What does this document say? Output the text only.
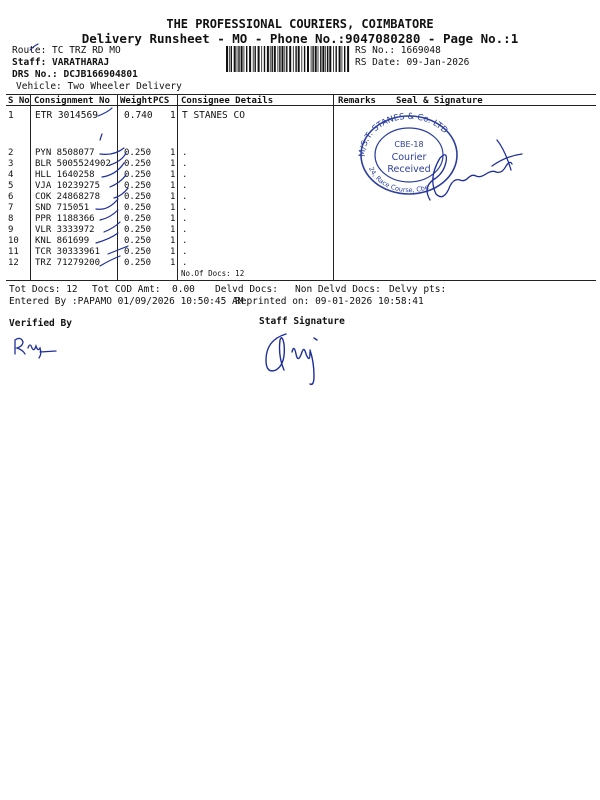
THE PROFESSIONAL COURIERS, COIMBATORE
Delivery Runsheet - MO - Phone No.:9047080280 - Page No.:1
Route: TC TRZ RD MO
Staff: VARATHARAJ
DRS No.: DCJB166904801
Vehicle: Two Wheeler Delivery
RS No.: 1669048
RS Date: 09-Jan-2026
S No Consignment No Weight PCS Consignee Details	Remarks Seal & Signature
1 ETR 3014569	0.740 1 T STANES CO
2 PYN 8508077	0.250 1 .
3 BLR 5005524902 0.250 1 .
4 HLL 1640258	0.250 1 .
5 VJA 10239275	0.250 1 .
6 COK 24868278	0.250 1 .
7 SND 715051	0.250 1 .
8 PPR 1188366	0.250 1 .
9 VLR 3333972	0.250 1 .
10 KNL 861699	0.250 1 .
11 TCR 30333961	0.250 1 .
12 TRZ 71279200	0.250 1 .
No.Of Docs: 12
Tot Docs: 12 Tot COD Amt: 0.00 Delvd Docs: Non Delvd Docs: Delvy pts:
Entered By :PAPAMO 01/09/2026 10:50:45 AM
Reprinted on: 09-01-2026 10:58:41
Verified By	Staff Signature
M/S.T. STANES & Co. LTD
24, Race Course, Cbe
CBE-18
Courier
Received
